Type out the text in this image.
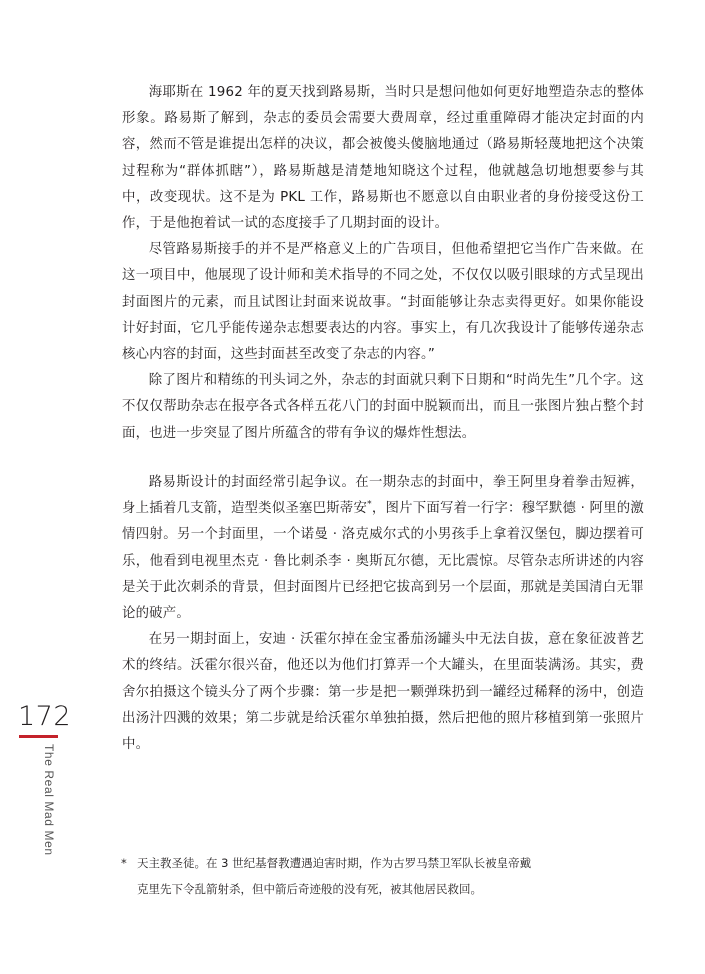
海耶斯在 1962 年的夏天找到路易斯，当时只是想问他如何更好地塑造杂志的整体形象。路易斯了解到，杂志的委员会需要大费周章，经过重重障碍才能决定封面的内容，然而不管是谁提出怎样的决议，都会被傻头傻脑地通过（路易斯轻蔑地把这个决策过程称为“群体抓瞎”），路易斯越是清楚地知晓这个过程，他就越急切地想要参与其中，改变现状。这不是为 PKL 工作，路易斯也不愿意以自由职业者的身份接受这份工作，于是他抱着试一试的态度接手了几期封面的设计。

尽管路易斯接手的并不是严格意义上的广告项目，但他希望把它当作广告来做。在这一项目中，他展现了设计师和美术指导的不同之处，不仅仅以吸引眼球的方式呈现出封面图片的元素，而且试图让封面来说故事。“封面能够让杂志卖得更好。如果你能设计好封面，它几乎能传递杂志想要表达的内容。事实上，有几次我设计了能够传递杂志核心内容的封面，这些封面甚至改变了杂志的内容。”

除了图片和精练的刊头词之外，杂志的封面就只剩下日期和“时尚先生”几个字。这不仅仅帮助杂志在报亭各式各样五花八门的封面中脱颖而出，而且一张图片独占整个封面，也进一步突显了图片所蕴含的带有争议的爆炸性想法。

路易斯设计的封面经常引起争议。在一期杂志的封面中，拳王阿里身着拳击短裤，身上插着几支箭，造型类似圣塞巴斯蒂安*，图片下面写着一行字：穆罕默德 · 阿里的激情四射。另一个封面里，一个诺曼 · 洛克威尔式的小男孩手上拿着汉堡包，脚边摆着可乐，他看到电视里杰克 · 鲁比刺杀李 · 奥斯瓦尔德，无比震惊。尽管杂志所讲述的内容是关于此次刺杀的背景，但封面图片已经把它拔高到另一个层面，那就是美国清白无罪论的破产。

在另一期封面上，安迪 · 沃霍尔掉在金宝番茄汤罐头中无法自拔，意在象征波普艺术的终结。沃霍尔很兴奋，他还以为他们打算弄一个大罐头，在里面装满汤。其实，费舍尔拍摄这个镜头分了两个步骤：第一步是把一颗弹珠扔到一罐经过稀释的汤中，创造出汤汁四溅的效果；第二步就是给沃霍尔单独拍摄，然后把他的照片移植到第一张照片中。

172
The Real Mad Men
* 天主教圣徒。在 3 世纪基督教遭遇迫害时期，作为古罗马禁卫军队长被皇帝戴
克里先下令乱箭射杀，但中箭后奇迹般的没有死，被其他居民救回。
